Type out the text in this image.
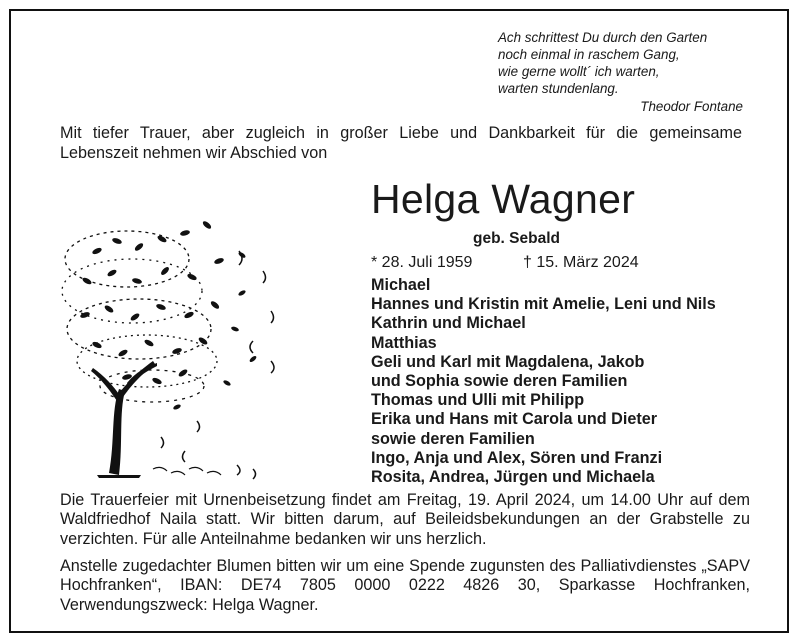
Ach schrittest Du durch den Garten
noch einmal in raschem Gang,
wie gerne wollt´ ich warten,
warten stundenlang.
Theodor Fontane
Mit tiefer Trauer, aber zugleich in großer Liebe und Dankbarkeit für die gemeinsame Lebenszeit nehmen wir Abschied von
Helga Wagner
geb. Sebald
* 28. Juli 1959	† 15. März 2024
Michael
Hannes und Kristin mit Amelie, Leni und Nils
Kathrin und Michael
Matthias
Geli und Karl mit Magdalena, Jakob
und Sophia sowie deren Familien
Thomas und Ulli mit Philipp
Erika und Hans mit Carola und Dieter
sowie deren Familien
Ingo, Anja und Alex, Sören und Franzi
Rosita, Andrea, Jürgen und Michaela
Die Trauerfeier mit Urnenbeisetzung findet am Freitag, 19. April 2024, um 14.00 Uhr auf dem Waldfriedhof Naila statt. Wir bitten darum, auf Beileidsbekundungen an der Grabstelle zu verzichten. Für alle Anteilnahme bedanken wir uns herzlich.
Anstelle zugedachter Blumen bitten wir um eine Spende zugunsten des Palliativdienstes „SAPV Hochfranken“, IBAN: DE74 7805 0000 0222 4826 30, Sparkasse Hochfranken, Verwendungszweck: Helga Wagner.
